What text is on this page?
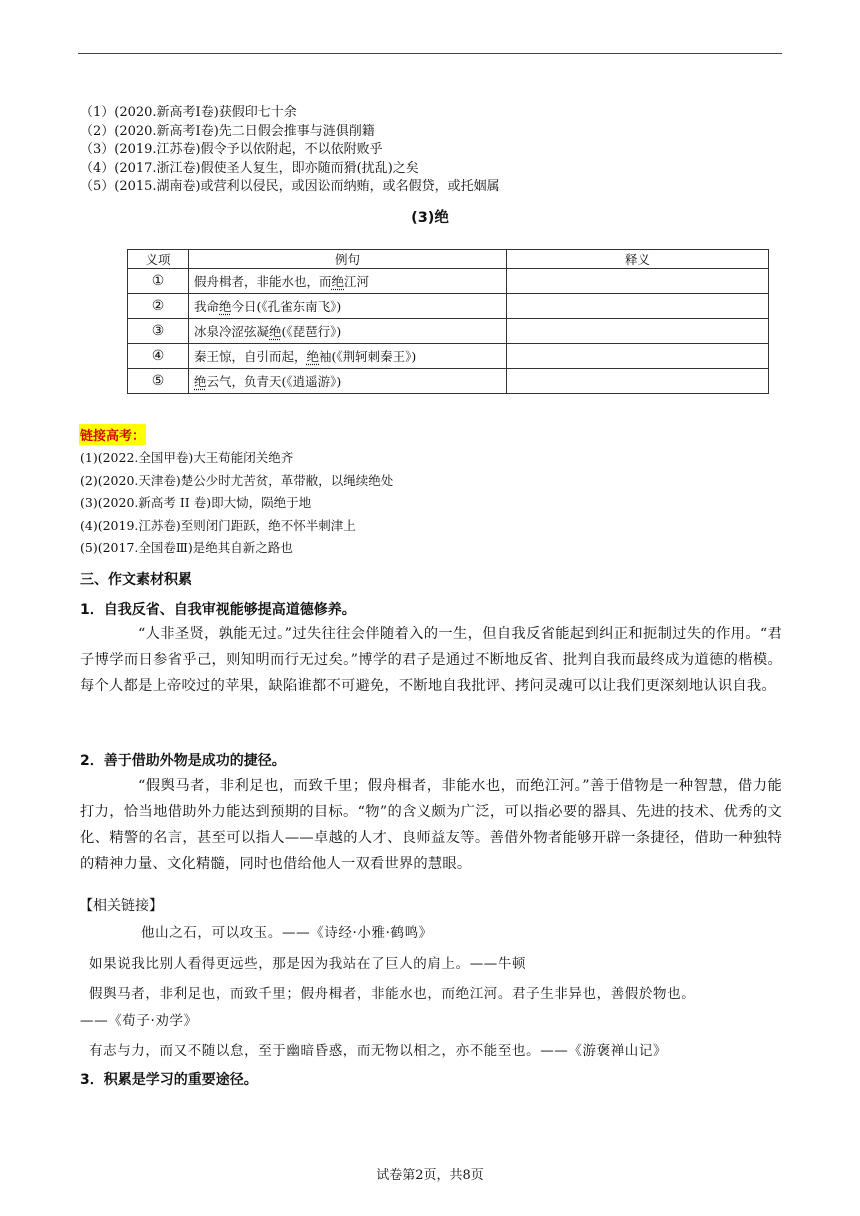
（1）(2020.新高考Ⅰ卷)获假印七十余
（2）(2020.新高考Ⅰ卷)先二日假会推事与涟俱削籍
（3）(2019.江苏卷)假令予以依附起，不以依附败乎
（4）(2017.浙江卷)假使圣人复生，即亦随而猾(扰乱)之矣
（5）(2015.湖南卷)或营利以侵民，或因讼而纳贿，或名假贷，或托姻属
(3)绝
义项	例句	释义
①	假舟楫者，非能水也，而绝江河	
②	我命绝今日(《孔雀东南飞》)	
③	冰泉冷涩弦凝绝(《琵琶行》)	
④	秦王惊，自引而起，绝袖(《荆轲刺秦王》)	
⑤	绝云气，负青天(《逍遥游》)	
链接高考：
(1)(2022.全国甲卷)大王荀能闭关绝齐
(2)(2020.天津卷)楚公少时尤苦贫，革带敝，以绳续绝处
(3)(2020.新高考 II 卷)即大恸，陨绝于地
(4)(2019.江苏卷)至则闭门距跃，绝不怀半刺津上
(5)(2017.全国卷Ⅲ)是绝其自新之路也
三、作文素材积累
1．自我反省、自我审视能够提高道德修养。
“人非圣贤，孰能无过。”过失往往会伴随着入的一生，但自我反省能起到纠正和扼制过失的作用。“君子博学而日参省乎己，则知明而行无过矣。”博学的君子是通过不断地反省、批判自我而最终成为道德的楷模。每个人都是上帝咬过的苹果，缺陷谁都不可避免，不断地自我批评、拷问灵魂可以让我们更深刻地认识自我。
2．善于借助外物是成功的捷径。
“假舆马者，非利足也，而致千里；假舟楫者，非能水也，而绝江河。”善于借物是一种智慧，借力能打力，恰当地借助外力能达到预期的目标。“物”的含义颇为广泛，可以指必要的器具、先进的技术、优秀的文化、精警的名言，甚至可以指人——卓越的人才、良师益友等。善借外物者能够开辟一条捷径，借助一种独特的精神力量、文化精髓，同时也借给他人一双看世界的慧眼。
【相关链接】
他山之石，可以攻玉。——《诗经·小雅·鹤鸣》
如果说我比别人看得更远些，那是因为我站在了巨人的肩上。——牛顿
假舆马者，非利足也，而致千里；假舟楫者，非能水也，而绝江河。君子生非异也，善假於物也。
——《荀子·劝学》
有志与力，而又不随以怠，至于幽暗昏惑，而无物以相之，亦不能至也。——《游褒禅山记》
3．积累是学习的重要途径。
试卷第2页，共8页
